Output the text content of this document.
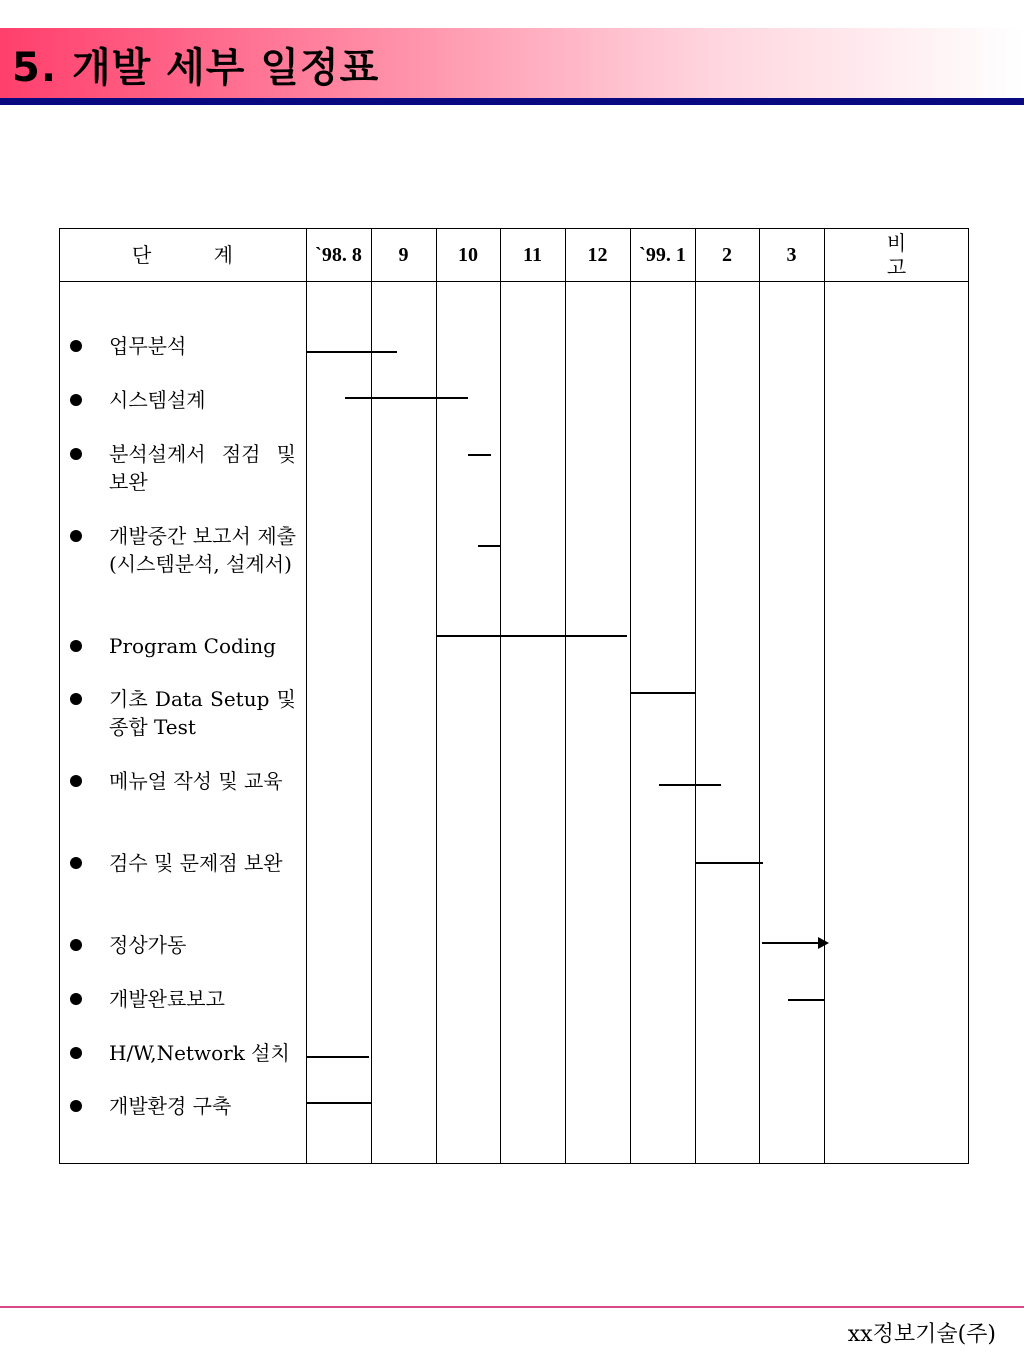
5. 개발 세부 일정표
단 계	`98. 8	9	10	11	12	`99. 1	2	3	비 고
업무분석
시스템설계
분석설계서 점검 및 보완
개발중간 보고서 제출(시스템분석, 설계서)
Program Coding
기초 Data Setup 및 종합 Test
메뉴얼 작성 및 교육
검수 및 문제점 보완
정상가동
개발완료보고
H/W,Network 설치
개발환경 구축
xx정보기술(주)
